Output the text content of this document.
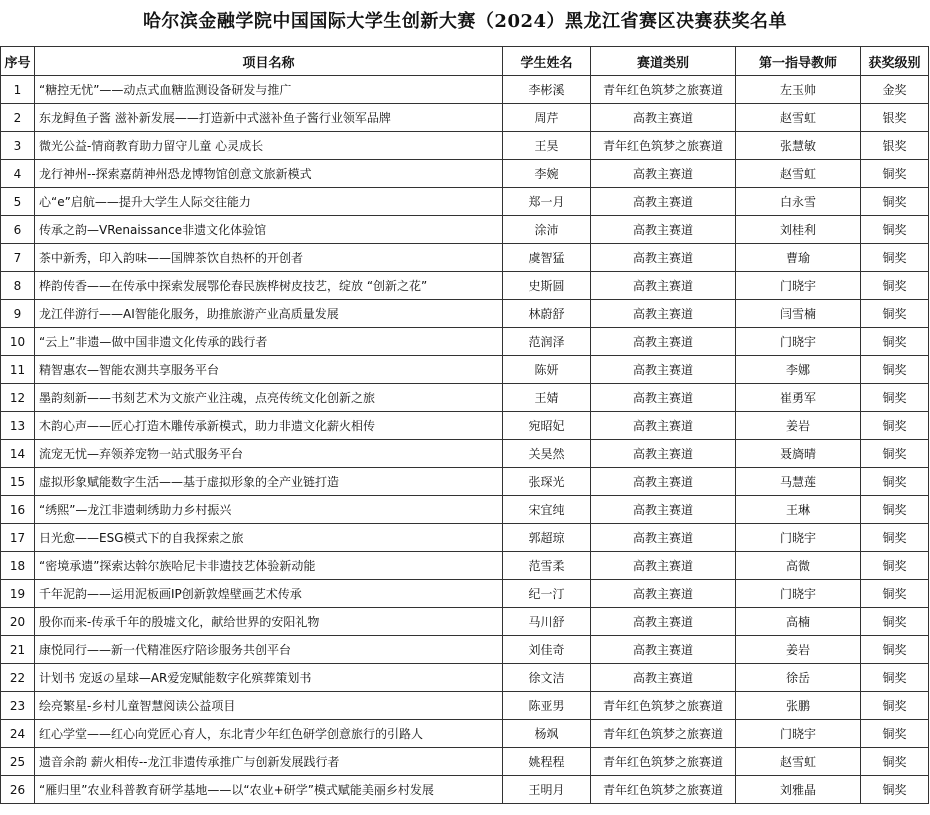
哈尔滨金融学院中国国际大学生创新大赛（2024）黑龙江省赛区决赛获奖名单
序号	项目名称	学生姓名	赛道类别	第一指导教师	获奖级别
1	“糖控无忧”——动点式血糖监测设备研发与推广	李彬溪	青年红色筑梦之旅赛道	左玉帅	金奖
2	东龙鲟鱼子酱 滋补新发展——打造新中式滋补鱼子酱行业领军品牌	周芹	高教主赛道	赵雪虹	银奖
3	微光公益-情商教育助力留守儿童 心灵成长	王昊	青年红色筑梦之旅赛道	张慧敏	银奖
4	龙行神州--探索嘉荫神州恐龙博物馆创意文旅新模式	李婉	高教主赛道	赵雪虹	铜奖
5	心“e”启航——提升大学生人际交往能力	郑一月	高教主赛道	白永雪	铜奖
6	传承之韵—VRenaissance非遗文化体验馆	涂沛	高教主赛道	刘桂利	铜奖
7	茶中新秀，印入韵味——国牌茶饮自热杯的开创者	虞智猛	高教主赛道	曹瑜	铜奖
8	桦韵传香——在传承中探索发展鄂伦春民族桦树皮技艺，绽放 “创新之花”	史斯圆	高教主赛道	门晓宇	铜奖
9	龙江伴游行——AI智能化服务，助推旅游产业高质量发展	林蔚舒	高教主赛道	闫雪楠	铜奖
10	“云上”非遗—做中国非遗文化传承的践行者	范润泽	高教主赛道	门晓宇	铜奖
11	精智惠农—智能农测共享服务平台	陈妍	高教主赛道	李娜	铜奖
12	墨韵刻新——书刻艺术为文旅产业注魂，点亮传统文化创新之旅	王婧	高教主赛道	崔勇军	铜奖
13	木韵心声——匠心打造木雕传承新模式，助力非遗文化薪火相传	宛昭妃	高教主赛道	姜岩	铜奖
14	流宠无忧—弃领养宠物一站式服务平台	关昊然	高教主赛道	聂旖晴	铜奖
15	虚拟形象赋能数字生活——基于虚拟形象的全产业链打造	张琛光	高教主赛道	马慧莲	铜奖
16	“绣熙”—龙江非遗刺绣助力乡村振兴	宋宜纯	高教主赛道	王琳	铜奖
17	日光愈——ESG模式下的自我探索之旅	郭超琼	高教主赛道	门晓宇	铜奖
18	“密境承遗”探索达斡尔族哈尼卡非遗技艺体验新动能	范雪柔	高教主赛道	高微	铜奖
19	千年泥韵——运用泥板画IP创新敦煌壁画艺术传承	纪一汀	高教主赛道	门晓宇	铜奖
20	殷你而来-传承千年的殷墟文化，献给世界的安阳礼物	马川舒	高教主赛道	高楠	铜奖
21	康悦同行——新一代精准医疗陪诊服务共创平台	刘佳奇	高教主赛道	姜岩	铜奖
22	计划书 宠返の星球—AR爱宠赋能数字化殡葬策划书	徐文洁	高教主赛道	徐岳	铜奖
23	绘亮繁星-乡村儿童智慧阅读公益项目	陈亚男	青年红色筑梦之旅赛道	张鹏	铜奖
24	红心学堂——红心向党匠心育人，东北青少年红色研学创意旅行的引路人	杨飒	青年红色筑梦之旅赛道	门晓宇	铜奖
25	遗音余韵 薪火相传--龙江非遗传承推广与创新发展践行者	姚程程	青年红色筑梦之旅赛道	赵雪虹	铜奖
26	“雁归里”农业科普教育研学基地——以“农业+研学”模式赋能美丽乡村发展	王明月	青年红色筑梦之旅赛道	刘雅晶	铜奖
